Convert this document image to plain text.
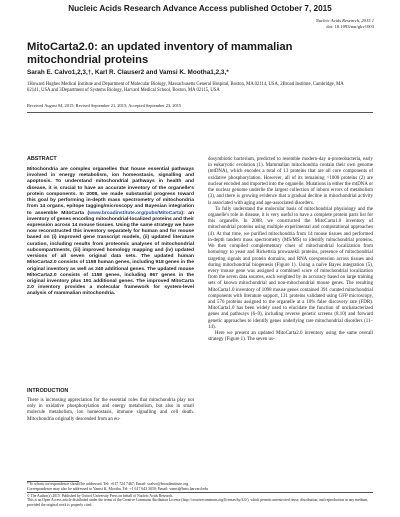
Nucleic Acids Research Advance Access published October 7, 2015
Nucleic Acids Research, 2015 1
doi: 10.1093/nar/gkv1003
MitoCarta2.0: an updated inventory of mammalian mitochondrial proteins
Sarah E. Calvo1,2,3,†, Karl R. Clauser2 and Vamsi K. Mootha1,2,3,*
1Howard Hughes Medical Institute and Department of Molecular Biology, Massachusetts General Hospital, Boston, MA 02114, USA, 2Broad Institute, Cambridge, MA 02141, USA and 3Department of Systems Biology, Harvard Medical School, Boston, MA 02115, USA
Received August 04, 2015; Revised September 21, 2015; Accepted September 23, 2015
ABSTRACT
Mitochondria are complex organelles that house essential pathways involved in energy metabolism, ion homeostasis, signalling and apoptosis. To understand mitochondrial pathways in health and disease, it is crucial to have an accurate inventory of the organelle's protein components. In 2008, we made substantial progress toward this goal by performing in-depth mass spectrometry of mitochondria from 14 organs, epitope tagging/microscopy and Bayesian integration to assemble MitoCarta (www.broadinstitute.org/pubs/MitoCarta): an inventory of genes encoding mitochondrial-localized proteins and their expression across 14 mouse tissues. Using the same strategy we have now reconstructed this inventory separately for human and for mouse based on (i) improved gene transcript models, (ii) updated literature curation, including results from proteomic analyses of mitochondrial subcompartments, (iii) improved homology mapping and (iv) updated versions of all seven original data sets. The updated human MitoCarta2.0 consists of 1158 human genes, including 918 genes in the original inventory as well as 240 additional genes. The updated mouse MitoCarta2.0 consists of 1158 genes, including 967 genes in the original inventory plus 191 additional genes. The improved MitoCarta 2.0 inventory provides a molecular framework for system-level analysis of mammalian mitochondria.
INTRODUCTION
There is increasing appreciation for the essential roles that mitochondria play not only in oxidative phosphorylation and energy metabolism, but also in small molecule metabolism, ion homeostasis, immune signalling and cell death. Mitochondria originally descended from an eu-

dosymbiotic bacterium, predicted to resemble modern-day α-proteobacteria, early in eukaryotic evolution (1). Mammalian mitochondria contain their own genome (mtDNA), which encodes a total of 13 proteins that are all core components of oxidative phosphorylation. However, all of its remaining >1000 proteins (2) are nuclear encoded and imported into the organelle. Mutations in either the mtDNA or the nuclear genome underlie the largest collection of inborn errors of metabolism (3), and there is growing evidence that a gradual decline in mitochondrial activity is associated with aging and age-associated disorders.

To fully understand the molecular basis of mitochondrial physiology and the organelle's role in disease, it is very useful to have a complete protein parts list for this organelle. In 2008, we constructed the MitoCarta1.0 inventory of mitochondrial proteins using multiple experimental and computational approaches (4). At that time, we purified mitochondria from 14 mouse tissues and performed in-depth tandem mass spectrometry (MS/MS) to identify mitochondrial proteins. We then compiled complementary clues of mitochondrial localization from homology to yeast and Rickettsia prowazekii proteins, presence of mitochondrial targeting signals and protein domains, and RNA coexpression across tissues and during mitochondrial biogenesis (Figure 1). Using a naïve Bayes integration (5), every mouse gene was assigned a combined score of mitochondrial localization from the seven data sources, each weighted by its accuracy based on large training sets of known mitochondrial and non-mitochondrial mouse genes. The resulting MitoCarta1.0 inventory of 1098 mouse genes contained 391 curated mitochondrial components with literature support, 131 proteins validated using GFP microscopy, and 576 proteins assigned to the organelle at a 10% false discovery rate (FDR). MitoCarta1.0 has been widely used to elucidate the function of uncharacterized genes and pathways (6–9), including reverse genetic screens (8,10) and forward genetic approaches to identify genes underlying rare mitochondrial disorders (11–14).

Here we present an updated MitoCarta2.0 inventory using the same overall strategy (Figure 1). The seven us-

*To whom correspondence should be addressed. Tel: +617 724 7467; Email: scalvo@broadinstitute.org
Correspondence may also be addressed to Vamsi K. Mootha. Tel: +1 617 643 3050; Email: vamsi@hms.harvard.edu
© The Author(s) 2015. Published by Oxford University Press on behalf of Nucleic Acids Research.
This is an Open Access article distributed under the terms of the Creative Commons Attribution License (http://creativecommons.org/licenses/by/4.0/), which permits unrestricted reuse, distribution, and reproduction in any medium, provided the original work is properly cited.
